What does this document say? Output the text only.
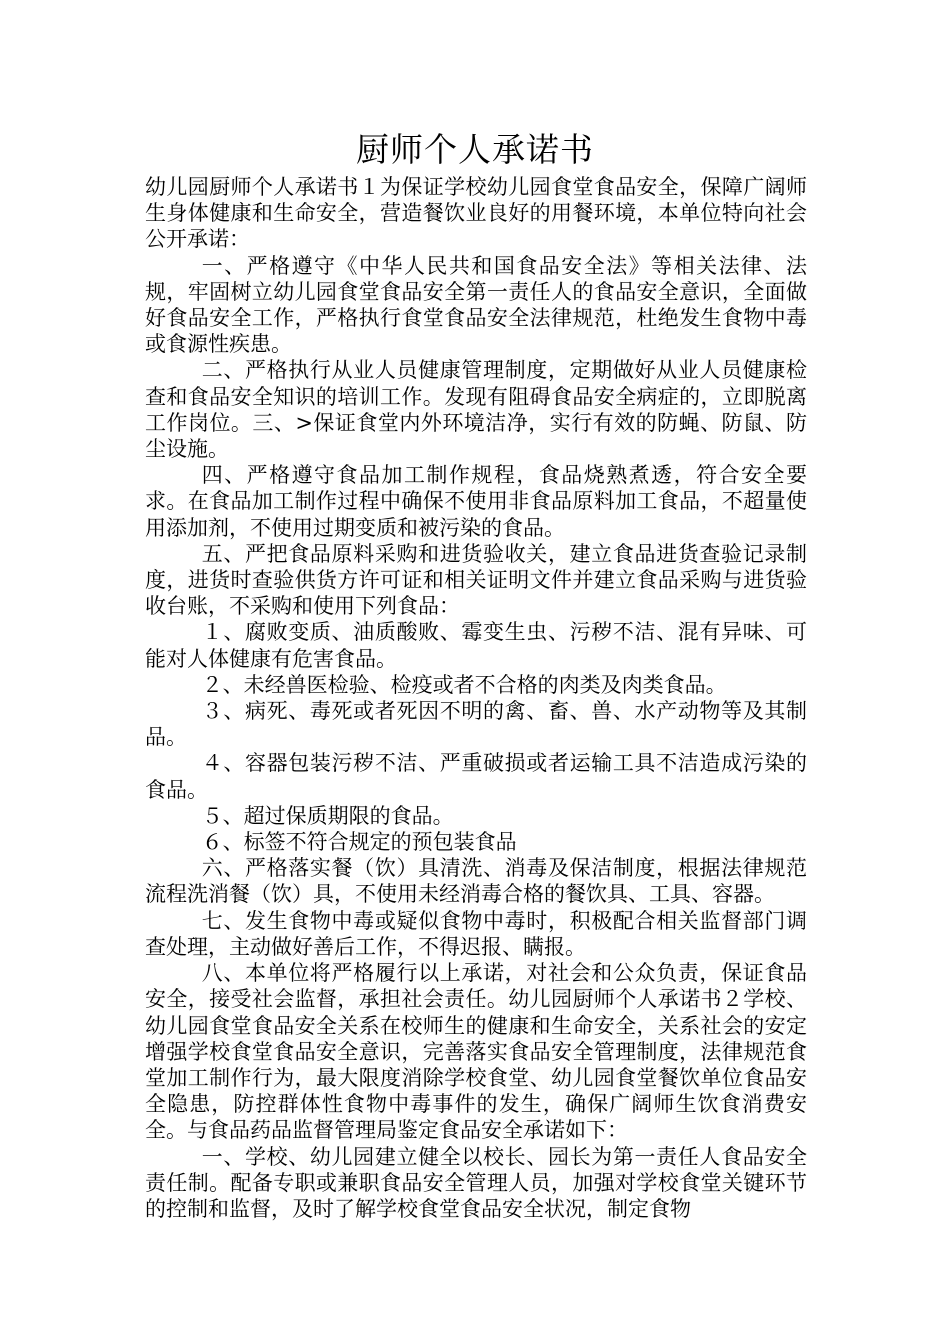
厨师个人承诺书

幼儿园厨师个人承诺书１为保证学校幼儿园食堂食品安全，保障广阔师生身体健康和生命安全，营造餐饮业良好的用餐环境，本单位特向社会公开承诺：

一、严格遵守《中华人民共和国食品安全法》等相关法律、法规，牢固树立幼儿园食堂食品安全第一责任人的食品安全意识，全面做好食品安全工作，严格执行食堂食品安全法律规范，杜绝发生食物中毒或食源性疾患。

二、严格执行从业人员健康管理制度，定期做好从业人员健康检查和食品安全知识的培训工作。发现有阻碍食品安全病症的，立即脱离工作岗位。三、>保证食堂内外环境洁净，实行有效的防蝇、防鼠、防尘设施。

四、严格遵守食品加工制作规程，食品烧熟煮透，符合安全要求。在食品加工制作过程中确保不使用非食品原料加工食品，不超量使用添加剂，不使用过期变质和被污染的食品。

五、严把食品原料采购和进货验收关，建立食品进货查验记录制度，进货时查验供货方许可证和相关证明文件并建立食品采购与进货验收台账，不采购和使用下列食品：

１、腐败变质、油质酸败、霉变生虫、污秽不洁、混有异味、可能对人体健康有危害食品。

２、未经兽医检验、检疫或者不合格的肉类及肉类食品。

３、病死、毒死或者死因不明的禽、畜、兽、水产动物等及其制品。

４、容器包装污秽不洁、严重破损或者运输工具不洁造成污染的食品。

５、超过保质期限的食品。

６、标签不符合规定的预包装食品

六、严格落实餐（饮）具清洗、消毒及保洁制度，根据法律规范流程洗消餐（饮）具，不使用未经消毒合格的餐饮具、工具、容器。

七、发生食物中毒或疑似食物中毒时，积极配合相关监督部门调查处理，主动做好善后工作，不得迟报、瞒报。

八、本单位将严格履行以上承诺，对社会和公众负责，保证食品安全，接受社会监督，承担社会责任。幼儿园厨师个人承诺书２学校、幼儿园食堂食品安全关系在校师生的健康和生命安全，关系社会的安定增强学校食堂食品安全意识，完善落实食品安全管理制度，法律规范食堂加工制作行为，最大限度消除学校食堂、幼儿园食堂餐饮单位食品安全隐患，防控群体性食物中毒事件的发生，确保广阔师生饮食消费安全。与食品药品监督管理局鉴定食品安全承诺如下：

一、学校、幼儿园建立健全以校长、园长为第一责任人食品安全责任制。配备专职或兼职食品安全管理人员，加强对学校食堂关键环节的控制和监督，及时了解学校食堂食品安全状况，制定食物
